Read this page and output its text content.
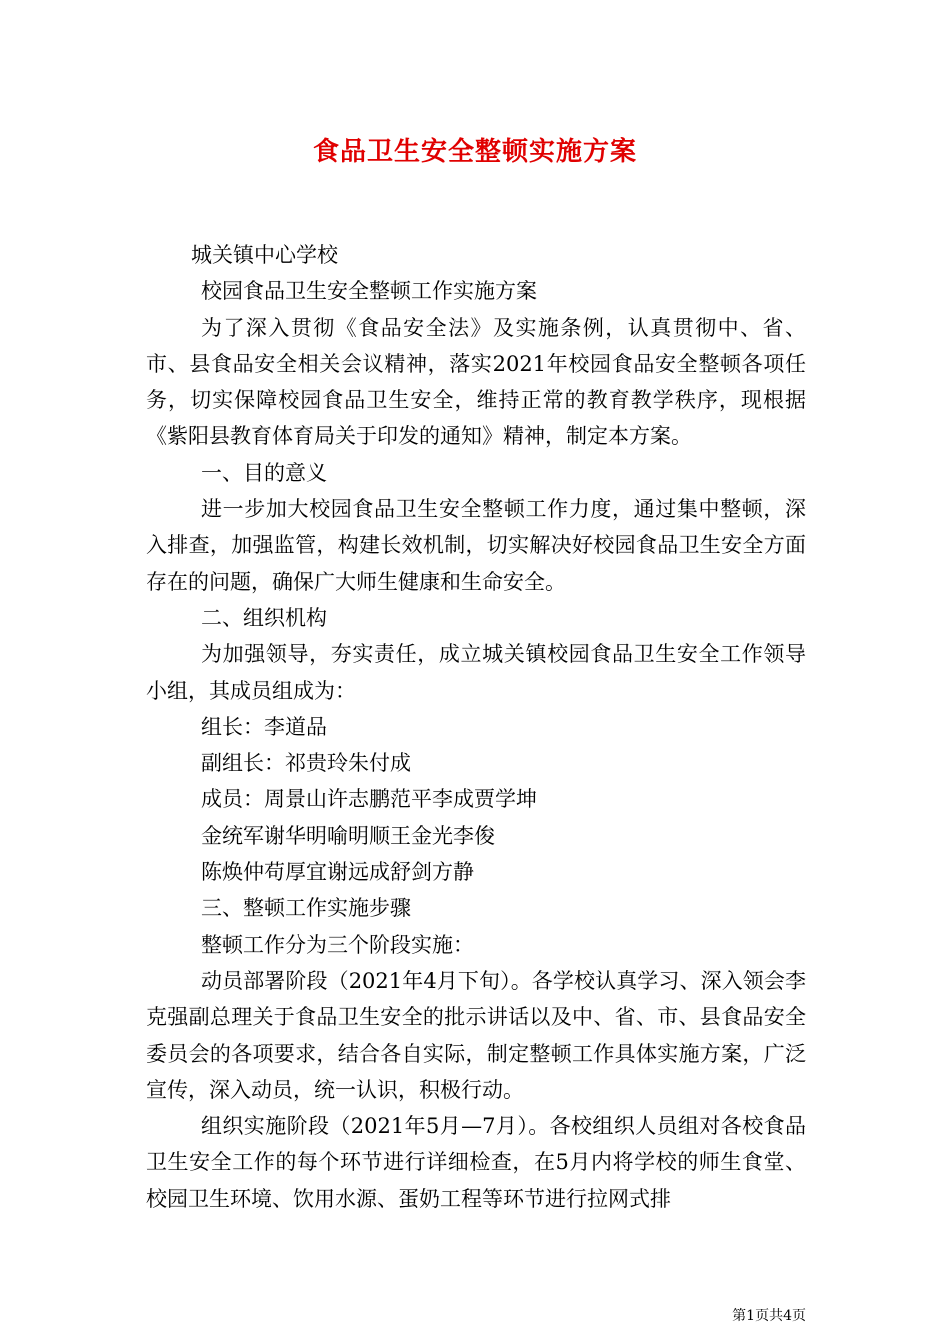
食品卫生安全整顿实施方案

城关镇中心学校

校园食品卫生安全整顿工作实施方案

为了深入贯彻《食品安全法》及实施条例，认真贯彻中、省、市、县食品安全相关会议精神，落实2021年校园食品安全整顿各项任务，切实保障校园食品卫生安全，维持正常的教育教学秩序，现根据《紫阳县教育体育局关于印发的通知》精神，制定本方案。

一、目的意义

进一步加大校园食品卫生安全整顿工作力度，通过集中整顿，深入排查，加强监管，构建长效机制，切实解决好校园食品卫生安全方面存在的问题，确保广大师生健康和生命安全。

二、组织机构

为加强领导，夯实责任，成立城关镇校园食品卫生安全工作领导小组，其成员组成为：

组长：李道品

副组长：祁贵玲朱付成

成员：周景山许志鹏范平李成贾学坤

金统军谢华明喻明顺王金光李俊

陈焕仲苟厚宜谢远成舒剑方静

三、整顿工作实施步骤

整顿工作分为三个阶段实施：

动员部署阶段（2021年4月下旬）。各学校认真学习、深入领会李克强副总理关于食品卫生安全的批示讲话以及中、省、市、县食品安全委员会的各项要求，结合各自实际，制定整顿工作具体实施方案，广泛宣传，深入动员，统一认识，积极行动。

组织实施阶段（2021年5月—7月）。各校组织人员组对各校食品卫生安全工作的每个环节进行详细检查，在5月内将学校的师生食堂、校园卫生环境、饮用水源、蛋奶工程等环节进行拉网式排

第1页共4页
